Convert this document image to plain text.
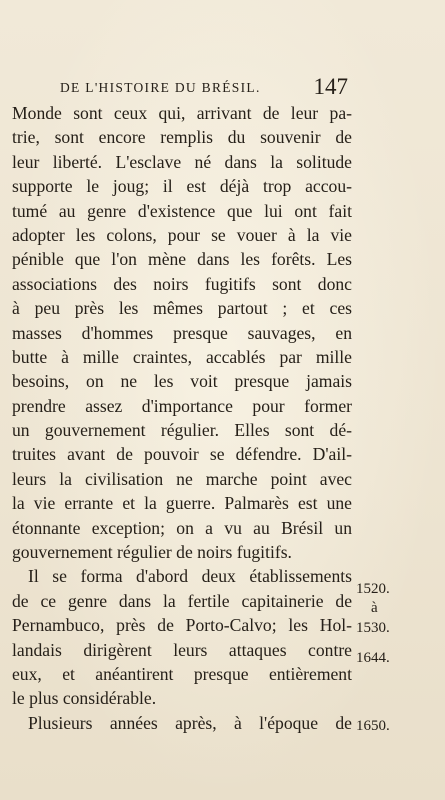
DE L'HISTOIRE DU BRÉSIL. 147
Monde sont ceux qui, arrivant de leur pa-
trie, sont encore remplis du souvenir de
leur liberté. L'esclave né dans la solitude
supporte le joug; il est déjà trop accou-
tumé au genre d'existence que lui ont fait
adopter les colons, pour se vouer à la vie
pénible que l'on mène dans les forêts. Les
associations des noirs fugitifs sont donc
à peu près les mêmes partout ; et ces
masses d'hommes presque sauvages, en
butte à mille craintes, accablés par mille
besoins, on ne les voit presque jamais
prendre assez d'importance pour former
un gouvernement régulier. Elles sont dé-
truites avant de pouvoir se défendre. D'ail-
leurs la civilisation ne marche point avec
la vie errante et la guerre. Palmarès est une
étonnante exception; on a vu au Brésil un
gouvernement régulier de noirs fugitifs.
Il se forma d'abord deux établissements
de ce genre dans la fertile capitainerie de
Pernambuco, près de Porto-Calvo; les Hol-
landais dirigèrent leurs attaques contre
eux, et anéantirent presque entièrement
le plus considérable.
Plusieurs années après, à l'époque de
1520.
à
1530.
1644.
1650.
